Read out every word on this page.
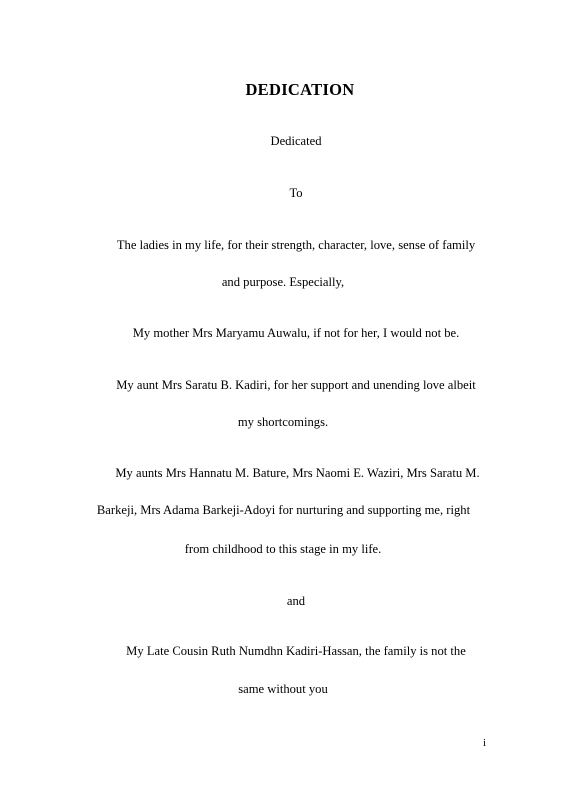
DEDICATION
Dedicated
To
The ladies in my life, for their strength, character, love, sense of family
and purpose. Especially,
My mother Mrs Maryamu Auwalu, if not for her, I would not be.
My aunt Mrs Saratu B. Kadiri, for her support and unending love albeit
my shortcomings.
My aunts Mrs Hannatu M. Bature, Mrs Naomi E. Waziri, Mrs Saratu M.
Barkeji, Mrs Adama Barkeji-Adoyi for nurturing and supporting me, right
from childhood to this stage in my life.
and
My Late Cousin Ruth Numdhn Kadiri-Hassan, the family is not the
same without you
i
